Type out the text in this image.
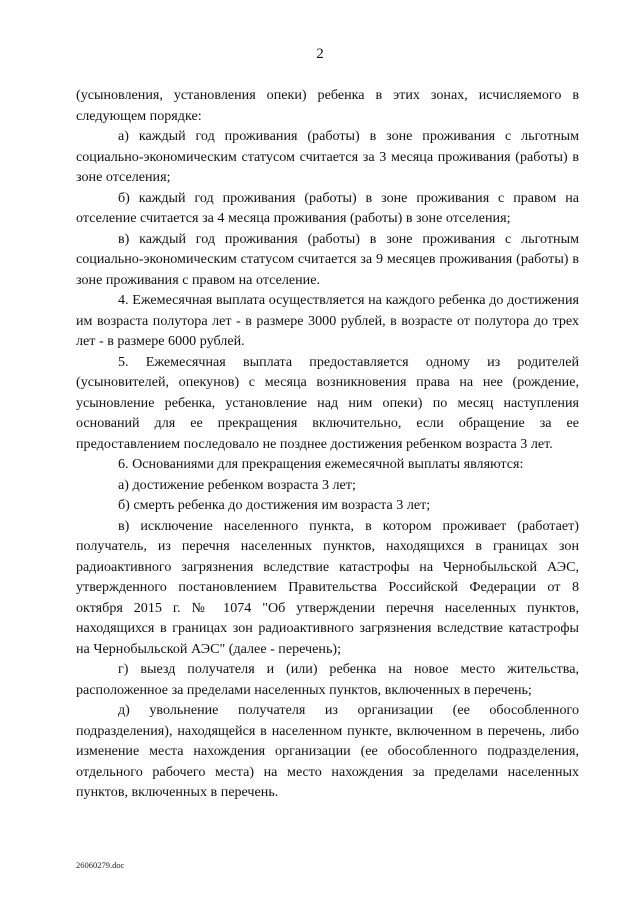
2

(усыновления, установления опеки) ребенка в этих зонах, исчисляемого в следующем порядке:

а) каждый год проживания (работы) в зоне проживания с льготным социально-экономическим статусом считается за 3 месяца проживания (работы) в зоне отселения;

б) каждый год проживания (работы) в зоне проживания с правом на отселение считается за 4 месяца проживания (работы) в зоне отселения;

в) каждый год проживания (работы) в зоне проживания с льготным социально-экономическим статусом считается за 9 месяцев проживания (работы) в зоне проживания с правом на отселение.

4. Ежемесячная выплата осуществляется на каждого ребенка до достижения им возраста полутора лет - в размере 3000 рублей, в возрасте от полутора до трех лет - в размере 6000 рублей.

5. Ежемесячная выплата предоставляется одному из родителей (усыновителей, опекунов) с месяца возникновения права на нее (рождение, усыновление ребенка, установление над ним опеки) по месяц наступления оснований для ее прекращения включительно, если обращение за ее предоставлением последовало не позднее достижения ребенком возраста 3 лет.

6. Основаниями для прекращения ежемесячной выплаты являются:

а) достижение ребенком возраста 3 лет;

б) смерть ребенка до достижения им возраста 3 лет;

в) исключение населенного пункта, в котором проживает (работает) получатель, из перечня населенных пунктов, находящихся в границах зон радиоактивного загрязнения вследствие катастрофы на Чернобыльской АЭС, утвержденного постановлением Правительства Российской Федерации от 8 октября 2015 г. № 1074 "Об утверждении перечня населенных пунктов, находящихся в границах зон радиоактивного загрязнения вследствие катастрофы на Чернобыльской АЭС" (далее - перечень);

г) выезд получателя и (или) ребенка на новое место жительства, расположенное за пределами населенных пунктов, включенных в перечень;

д) увольнение получателя из организации (ее обособленного подразделения), находящейся в населенном пункте, включенном в перечень, либо изменение места нахождения организации (ее обособленного подразделения, отдельного рабочего места) на место нахождения за пределами населенных пунктов, включенных в перечень.

26060279.doc
